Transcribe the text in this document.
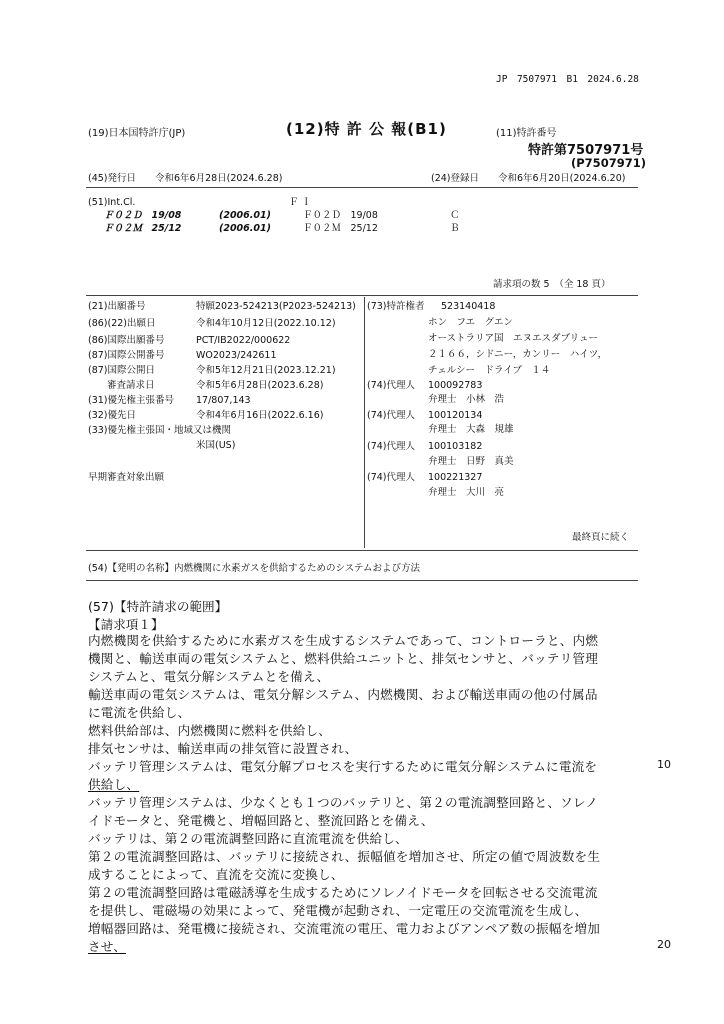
JP　7507971　B1　2024.6.28
(19)日本国特許庁(JP)	(12)特 許 公 報(B1)	(11)特許番号
特許第7507971号
(P7507971)
(45)発行日　　令和6年6月28日(2024.6.28)	(24)登録日　　令和6年6月20日(2024.6.20)
(51)Int.Cl.	Ｆ Ｉ
Ｆ０２Ｄ　19/08	(2006.01)	Ｆ０２Ｄ　19/08	Ｃ
Ｆ０２Ｍ　25/12	(2006.01)	Ｆ０２Ｍ　25/12	Ｂ
請求項の数 5　（全 18 頁）
(21)出願番号	特願2023-524213(P2023-524213)
(86)(22)出願日	令和4年10月12日(2022.10.12)
(86)国際出願番号	PCT/IB2022/000622
(87)国際公開番号	WO2023/242611
(87)国際公開日	令和5年12月21日(2023.12.21)
　　審査請求日	令和5年6月28日(2023.6.28)
(31)優先権主張番号 17/807,143
(32)優先日	令和4年6月16日(2022.6.16)
(33)優先権主張国・地域又は機関
米国(US)
早期審査対象出願
(73)特許権者 523140418
ホン　フエ　グエン
オーストラリア国　エヌエスダブリュー
２１６６，シドニー，カンリー　ハイツ，
チェルシー　ドライブ　１４
(74)代理人 100092783
弁理士　小林　浩
(74)代理人 100120134
弁理士　大森　規雄
(74)代理人 100103182
弁理士　日野　真美
(74)代理人 100221327
弁理士　大川　亮
最終頁に続く
(54)【発明の名称】内燃機関に水素ガスを供給するためのシステムおよび方法
(57)【特許請求の範囲】
【請求項１】
内燃機関を供給するために水素ガスを生成するシステムであって、コントローラと、内燃
機関と、輸送車両の電気システムと、燃料供給ユニットと、排気センサと、バッテリ管理
システムと、電気分解システムとを備え、
輸送車両の電気システムは、電気分解システム、内燃機関、および輸送車両の他の付属品
に電流を供給し、
燃料供給部は、内燃機関に燃料を供給し、
排気センサは、輸送車両の排気管に設置され、
バッテリ管理システムは、電気分解プロセスを実行するために電気分解システムに電流を
供給し、
バッテリ管理システムは、少なくとも１つのバッテリと、第２の電流調整回路と、ソレノ
イドモータと、発電機と、増幅回路と、整流回路とを備え、
バッテリは、第２の電流調整回路に直流電流を供給し、
第２の電流調整回路は、バッテリに接続され、振幅値を増加させ、所定の値で周波数を生
成することによって、直流を交流に変換し、
第２の電流調整回路は電磁誘導を生成するためにソレノイドモータを回転させる交流電流
を提供し、電磁場の効果によって、発電機が起動され、一定電圧の交流電流を生成し、
増幅器回路は、発電機に接続され、交流電流の電圧、電力およびアンペア数の振幅を増加
させ、
10
20
